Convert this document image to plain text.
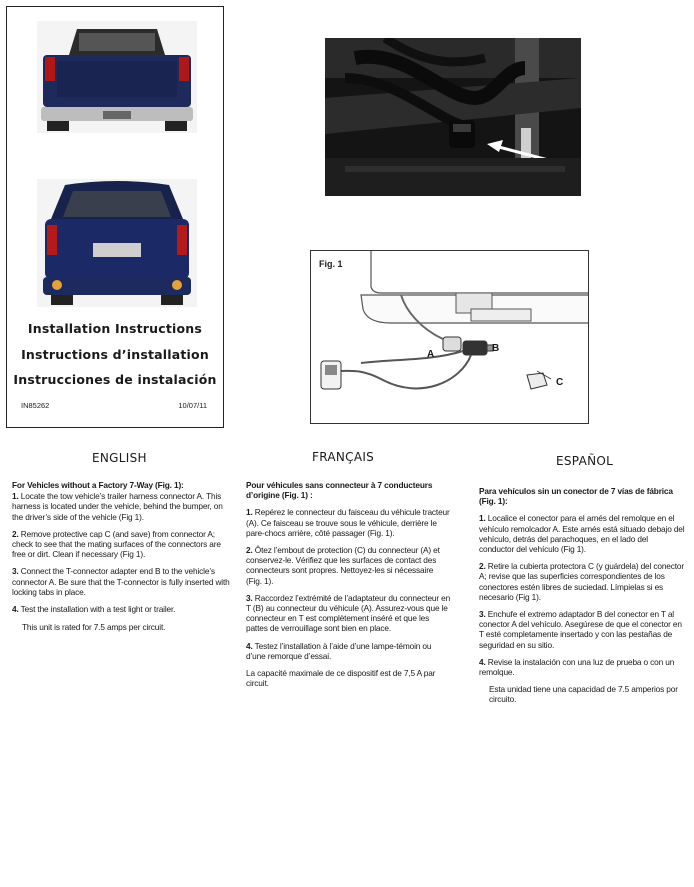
Installation Instructions
Instructions d’installation
Instrucciones de instalación
IN85262	10/07/11
Fig. 1
A
B
C
ENGLISH

For Vehicles without a Factory 7-Way (Fig. 1):

1. Locate the tow vehicle’s trailer harness connector A. This harness is located under the vehicle, behind the bumper, on the driver’s side of the vehicle (Fig 1).

2. Remove protective cap C (and save) from connector A; check to see that the mating surfaces of the connectors are free or dirt. Clean if necessary (Fig 1).

3. Connect the T-connector adapter end B to the vehicle’s connector A. Be sure that the T-connector is fully inserted with locking tabs in place.

4. Test the installation with a test light or trailer.

This unit is rated for 7.5 amps per circuit.

FRANÇAIS

Pour véhicules sans connecteur à 7 conducteurs d’origine (Fig. 1) :

1. Repérez le connecteur du faisceau du véhicule tracteur (A). Ce faisceau se trouve sous le véhicule, derrière le pare-chocs arrière, côté passager (Fig. 1).

2. Ôtez l’embout de protection (C) du connecteur (A) et conservez-le. Vérifiez que les surfaces de contact des connecteurs sont propres. Nettoyez-les si nécessaire (Fig. 1).

3. Raccordez l’extrémité de l’adaptateur du connecteur en T (B) au connecteur du véhicule (A). Assurez-vous que le connecteur en T est complètement inséré et que les pattes de verrouillage sont bien en place.

4. Testez l’installation à l’aide d’une lampe-témoin ou d’une remorque d’essai.

La capacité maximale de ce dispositif est de 7,5 A par circuit.

ESPAÑOL

Para vehículos sin un conector de 7 vías de fábrica (Fig. 1):

1. Localice el conector para el arnés del remolque en el vehículo remolcador A. Este arnés está situado debajo del vehículo, detrás del parachoques, en el lado del conductor del vehículo (Fig 1).

2. Retire la cubierta protectora C (y guárdela) del conector A; revise que las superficies correspondientes de los conectores estén libres de suciedad. Límpielas si es necesario (Fig 1).

3. Enchufe el extremo adaptador B del conector en T al conector A del vehículo. Asegúrese de que el conector en T esté completamente insertado y con las pestañas de seguridad en su sitio.

4. Revise la instalación con una luz de prueba o con un remolque.

Esta unidad tiene una capacidad de 7.5 amperios por circuito.
